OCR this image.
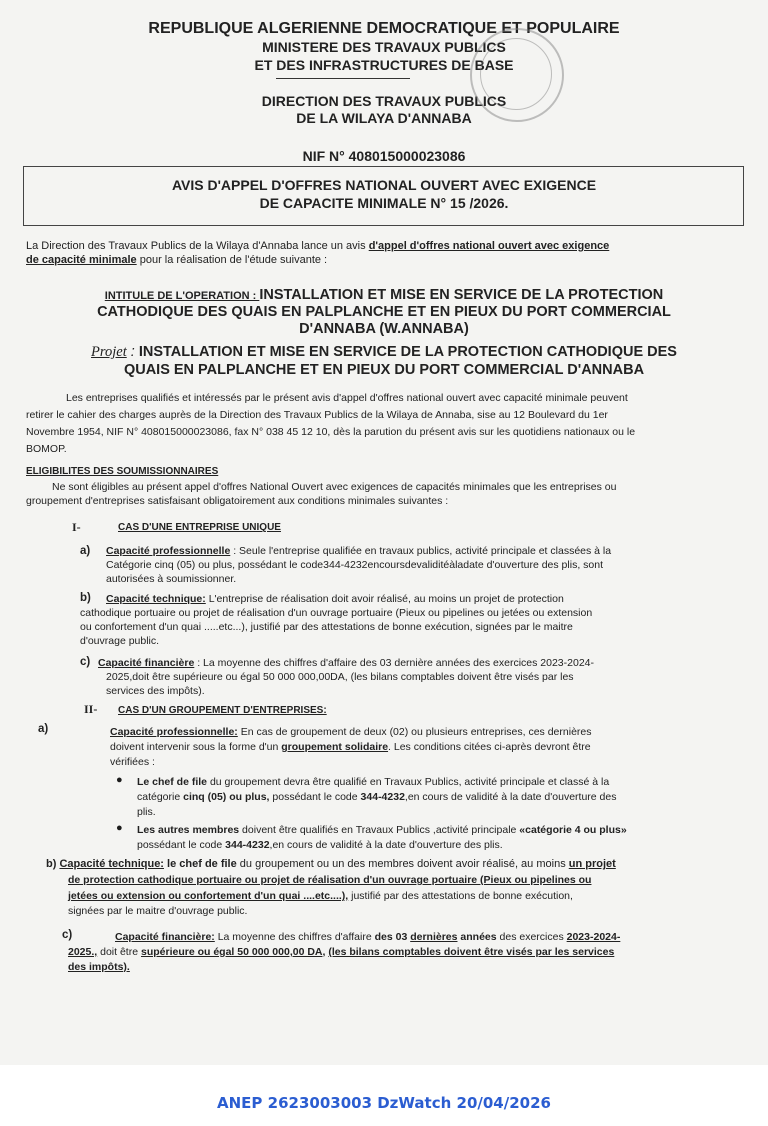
REPUBLIQUE ALGERIENNE DEMOCRATIQUE ET POPULAIRE
MINISTERE DES TRAVAUX PUBLICS
ET DES INFRASTRUCTURES DE BASE
DIRECTION DES TRAVAUX PUBLICS
DE LA WILAYA D'ANNABA
NIF N° 408015000023086
AVIS D'APPEL D'OFFRES NATIONAL OUVERT AVEC EXIGENCE
DE CAPACITE MINIMALE N° 15 /2026.
La Direction des Travaux Publics de la Wilaya d'Annaba lance un avis d'appel d'offres national ouvert avec exigence
de capacité minimale pour la réalisation de l'étude suivante :
INTITULE DE L'OPERATION : INSTALLATION ET MISE EN SERVICE DE LA PROTECTION
CATHODIQUE DES QUAIS EN PALPLANCHE ET EN PIEUX DU PORT COMMERCIAL
D'ANNABA (W.ANNABA)
Projet : INSTALLATION ET MISE EN SERVICE DE LA PROTECTION CATHODIQUE DES
QUAIS EN PALPLANCHE ET EN PIEUX DU PORT COMMERCIAL D'ANNABA
Les entreprises qualifiés et intéressés par le présent avis d'appel d'offres national ouvert avec capacité minimale peuvent
retirer le cahier des charges auprès de la Direction des Travaux Publics de la Wilaya de Annaba, sise au 12 Boulevard du 1er
Novembre 1954, NIF N° 408015000023086, fax N° 038 45 12 10, dès la parution du présent avis sur les quotidiens nationaux ou le
BOMOP.
ELIGIBILITES DES SOUMISSIONNAIRES
Ne sont éligibles au présent appel d'offres National Ouvert avec exigences de capacités minimales que les entreprises ou
groupement d'entreprises satisfaisant obligatoirement aux conditions minimales suivantes :
I-	CAS D'UNE ENTREPRISE UNIQUE
a) Capacité professionnelle : Seule l'entreprise qualifiée en travaux publics, activité principale et classées à la
Catégorie cinq (05) ou plus, possédant le code344-4232encoursdevaliditéàladate d'ouverture des plis, sont
autorisées à soumissionner.
b) Capacité technique: L'entreprise de réalisation doit avoir réalisé, au moins un projet de protection
cathodique portuaire ou projet de réalisation d'un ouvrage portuaire (Pieux ou pipelines ou jetées ou extension
ou confortement d'un quai .....etc...), justifié par des attestations de bonne exécution, signées par le maitre
d'ouvrage public.
c) Capacité financière : La moyenne des chiffres d'affaire des 03 dernière années des exercices 2023-2024-
2025,doit être supérieure ou égal 50 000 000,00DA, (les bilans comptables doivent être visés par les
services des impôts).
II- CAS D'UN GROUPEMENT D'ENTREPRISES:
a)	Capacité professionnelle: En cas de groupement de deux (02) ou plusieurs entreprises, ces dernières
doivent intervenir sous la forme d'un groupement solidaire. Les conditions citées ci-après devront être
vérifiées :
● Le chef de file du groupement devra être qualifié en Travaux Publics, activité principale et classé à la
catégorie cinq (05) ou plus, possédant le code 344-4232,en cours de validité à la date d'ouverture des
plis.
● Les autres membres doivent être qualifiés en Travaux Publics ,activité principale «catégorie 4 ou plus»
possédant le code 344-4232,en cours de validité à la date d'ouverture des plis.
b) Capacité technique: le chef de file du groupement ou un des membres doivent avoir réalisé, au moins un projet
de protection cathodique portuaire ou projet de réalisation d'un ouvrage portuaire (Pieux ou pipelines ou
jetées ou extension ou confortement d'un quai ....etc....), justifié par des attestations de bonne exécution,
signées par le maitre d'ouvrage public.
c)	Capacité financière: La moyenne des chiffres d'affaire des 03 dernières années des exercices 2023-2024-
2025., doit être supérieure ou égal 50 000 000,00 DA, (les bilans comptables doivent être visés par les services
des impôts).
ANEP 2623003003 DzWatch 20/04/2026
